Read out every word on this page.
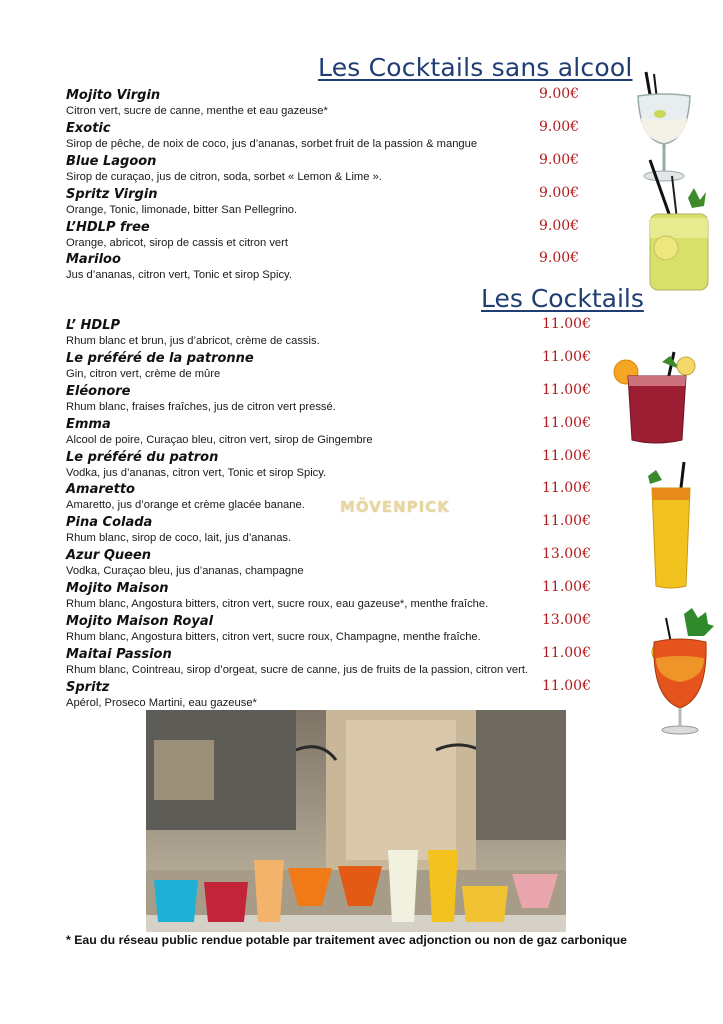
Les Cocktails sans alcool
Mojito Virgin
Citron vert, sucre de canne, menthe et eau gazeuse*
9.00€
Exotic
Sirop de pêche, de noix de coco, jus d’ananas, sorbet fruit de la passion & mangue
9.00€
Blue Lagoon
Sirop de curaçao, jus de citron, soda, sorbet « Lemon & Lime ».
9.00€
Spritz Virgin
Orange, Tonic, limonade, bitter San Pellegrino.
9.00€
L’HDLP free
Orange, abricot, sirop de cassis et citron vert
9.00€
Mariloo
Jus d’ananas, citron vert, Tonic et sirop Spicy.
9.00€
Les Cocktails
L’ HDLP
Rhum blanc et brun, jus d’abricot, crème de cassis.
11.00€
Le préféré de la patronne
Gin, citron vert, crème de mûre
11.00€
Eléonore
Rhum blanc, fraises fraîches, jus de citron vert pressé.
11.00€
Emma
Alcool de poire, Curaçao bleu, citron vert, sirop de Gingembre
11.00€
Le préféré du patron
Vodka, jus d’ananas, citron vert, Tonic et sirop Spicy.
11.00€
Amaretto
Amaretto, jus d’orange et crème glacée banane.
11.00€
Pina Colada
Rhum blanc, sirop de coco, lait, jus d’ananas.
11.00€
Azur Queen
Vodka, Curaçao bleu, jus d’ananas, champagne
13.00€
Mojito Maison
Rhum blanc, Angostura bitters, citron vert, sucre roux, eau gazeuse*, menthe fraîche.
11.00€
Mojito Maison Royal
Rhum blanc, Angostura bitters, citron vert, sucre roux, Champagne, menthe fraîche.
13.00€
Maitai Passion
Rhum blanc, Cointreau, sirop d’orgeat, sucre de canne, jus de fruits de la passion, citron vert.
11.00€
Spritz
Apérol, Proseco Martini, eau gazeuse*
11.00€
MÖVENPICK
* Eau du réseau public rendue potable par traitement avec adjonction ou non de gaz carbonique
